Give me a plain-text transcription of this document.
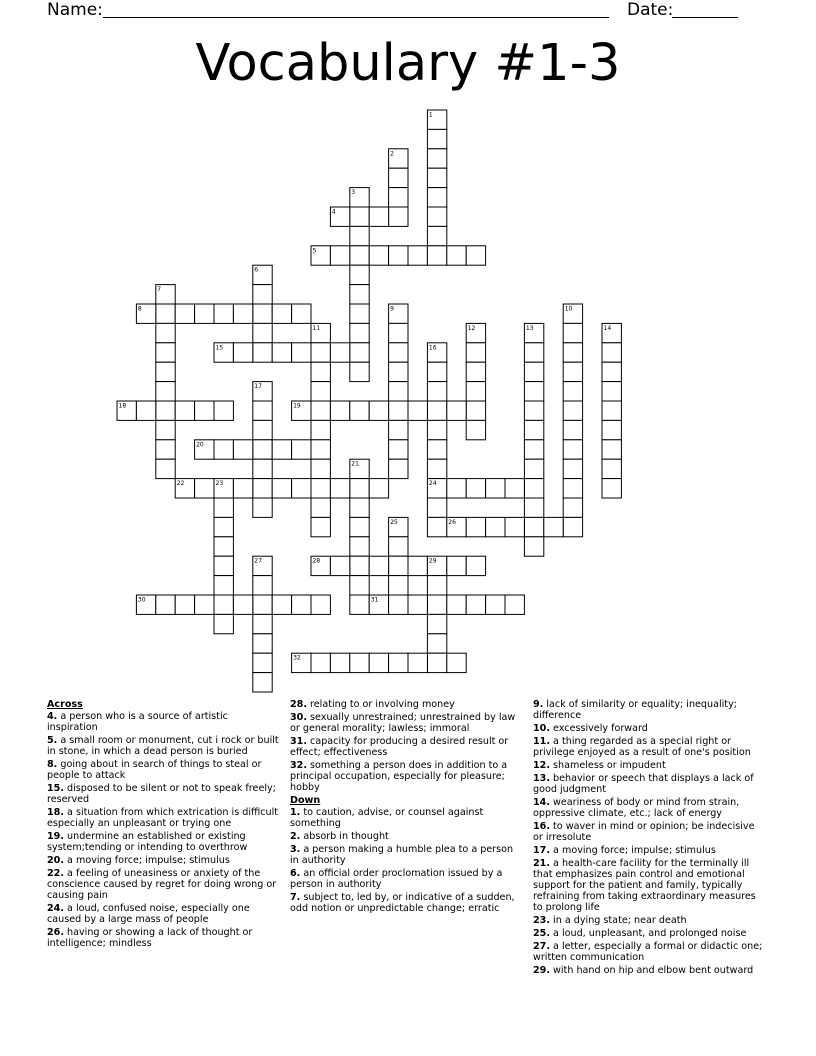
Name:	Date:
Vocabulary #1-3
1
2
3
4
5
6
7
8	9	10
11	12	13	14
15	16
17
18	19
20
21
22	23	24
25	26
27	28	29
30	31
32
Across
4. a person who is a source of artistic inspiration
5. a small room or monument, cut i rock or built in stone, in which a dead person is buried
8. going about in search of things to steal or people to attack
15. disposed to be silent or not to speak freely; reserved
18. a situation from which extrication is difficult especially an unpleasant or trying one
19. undermine an established or existing system;tending or intending to overthrow
20. a moving force; impulse; stimulus
22. a feeling of uneasiness or anxiety of the conscience caused by regret for doing wrong or causing pain
24. a loud, confused noise, especially one caused by a large mass of people
26. having or showing a lack of thought or intelligence; mindless
28. relating to or involving money
30. sexually unrestrained; unrestrained by law or general morality; lawless; immoral
31. capacity for producing a desired result or effect; effectiveness
32. something a person does in addition to a principal occupation, especially for pleasure; hobby
Down
1. to caution, advise, or counsel against something
2. absorb in thought
3. a person making a humble plea to a person in authority
6. an official order proclomation issued by a person in authority
7. subject to, led by, or indicative of a sudden, odd notion or unpredictable change; erratic
9. lack of similarity or equality; inequality; difference
10. excessively forward
11. a thing regarded as a special right or privilege enjoyed as a result of one's position
12. shameless or impudent
13. behavior or speech that displays a lack of good judgment
14. weariness of body or mind from strain, oppressive climate, etc.; lack of energy
16. to waver in mind or opinion; be indecisive or irresolute
17. a moving force; impulse; stimulus
21. a health-care facility for the terminally ill that emphasizes pain control and emotional support for the patient and family, typically refraining from taking extraordinary measures to prolong life
23. in a dying state; near death
25. a loud, unpleasant, and prolonged noise
27. a letter, especially a formal or didactic one; written communication
29. with hand on hip and elbow bent outward
